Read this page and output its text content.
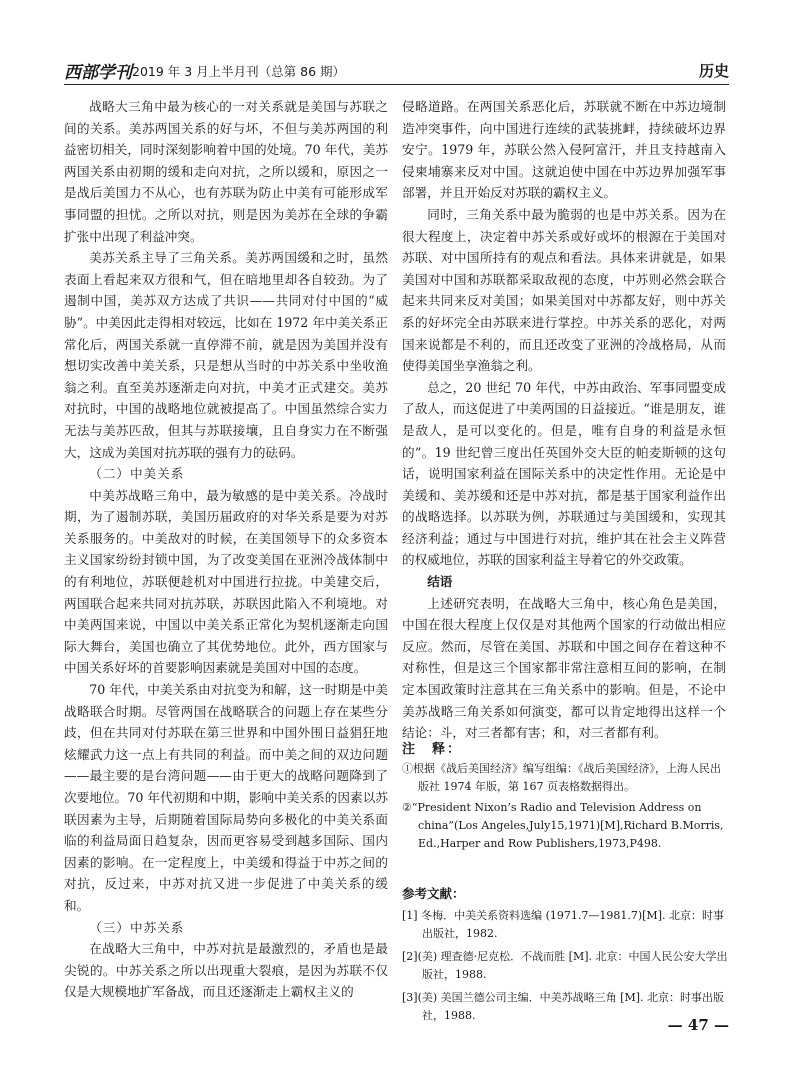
西部学刊 2019 年 3 月上半月刊（总第 86 期）	历史

战略大三角中最为核心的一对关系就是美国与苏联之间的关系。美苏两国关系的好与坏，不但与美苏两国的利益密切相关，同时深刻影响着中国的处境。70 年代，美苏两国关系由初期的缓和走向对抗，之所以缓和，原因之一是战后美国力不从心，也有苏联为防止中美有可能形成军事同盟的担忧。之所以对抗，则是因为美苏在全球的争霸扩张中出现了利益冲突。

美苏关系主导了三角关系。美苏两国缓和之时，虽然表面上看起来双方很和气，但在暗地里却各自较劲。为了遏制中国，美苏双方达成了共识——共同对付中国的“威胁”。中美因此走得相对较远，比如在 1972 年中美关系正常化后，两国关系就一直停滞不前，就是因为美国并没有想切实改善中美关系，只是想从当时的中苏关系中坐收渔翁之利。直至美苏逐渐走向对抗，中美才正式建交。美苏对抗时，中国的战略地位就被提高了。中国虽然综合实力无法与美苏匹敌，但其与苏联接壤，且自身实力在不断强大，这成为美国对抗苏联的强有力的砝码。

（二）中美关系

中美苏战略三角中，最为敏感的是中美关系。冷战时期，为了遏制苏联，美国历届政府的对华关系是要为对苏关系服务的。中美敌对的时候，在美国领导下的众多资本主义国家纷纷封锁中国，为了改变美国在亚洲冷战体制中的有利地位，苏联便趁机对中国进行拉拢。中美建交后，两国联合起来共同对抗苏联，苏联因此陷入不利境地。对中美两国来说，中国以中美关系正常化为契机逐渐走向国际大舞台，美国也确立了其优势地位。此外，西方国家与中国关系好坏的首要影响因素就是美国对中国的态度。

70 年代，中美关系由对抗变为和解，这一时期是中美战略联合时期。尽管两国在战略联合的问题上存在某些分歧，但在共同对付苏联在第三世界和中国外围日益猖狂地炫耀武力这一点上有共同的利益。而中美之间的双边问题——最主要的是台湾问题——由于更大的战略问题降到了次要地位。70 年代初期和中期，影响中美关系的因素以苏联因素为主导，后期随着国际局势向多极化的中美关系面临的利益局面日趋复杂，因而更容易受到越多国际、国内因素的影响。在一定程度上，中美缓和得益于中苏之间的对抗，反过来，中苏对抗又进一步促进了中美关系的缓和。

（三）中苏关系

在战略大三角中，中苏对抗是最激烈的，矛盾也是最尖锐的。中苏关系之所以出现重大裂痕，是因为苏联不仅仅是大规模地扩军备战，而且还逐渐走上霸权主义的

侵略道路。在两国关系恶化后，苏联就不断在中苏边境制造冲突事件，向中国进行连续的武装挑衅，持续破坏边界安宁。1979 年，苏联公然入侵阿富汗，并且支持越南入侵柬埔寨来反对中国。这就迫使中国在中苏边界加强军事部署，并且开始反对苏联的霸权主义。

同时，三角关系中最为脆弱的也是中苏关系。因为在很大程度上，决定着中苏关系或好或坏的根源在于美国对苏联、对中国所持有的观点和看法。具体来讲就是，如果美国对中国和苏联都采取敌视的态度，中苏则必然会联合起来共同来反对美国；如果美国对中苏都友好，则中苏关系的好坏完全由苏联来进行掌控。中苏关系的恶化，对两国来说都是不利的，而且还改变了亚洲的冷战格局，从而使得美国坐享渔翁之利。

总之，20 世纪 70 年代，中苏由政治、军事同盟变成了敌人，而这促进了中美两国的日益接近。“谁是朋友，谁是敌人，是可以变化的。但是，唯有自身的利益是永恒的”。19 世纪曾三度出任英国外交大臣的帕麦斯顿的这句话，说明国家利益在国际关系中的决定性作用。无论是中美缓和、美苏缓和还是中苏对抗，都是基于国家利益作出的战略选择。以苏联为例，苏联通过与美国缓和，实现其经济利益；通过与中国进行对抗，维护其在社会主义阵营的权威地位，苏联的国家利益主导着它的外交政策。

结语

上述研究表明，在战略大三角中，核心角色是美国，中国在很大程度上仅仅是对其他两个国家的行动做出相应反应。然而，尽管在美国、苏联和中国之间存在着这种不对称性，但是这三个国家都非常注意相互间的影响，在制定本国政策时注意其在三角关系中的影响。但是，不论中美苏战略三角关系如何演变，都可以肯定地得出这样一个结论：斗，对三者都有害；和，对三者都有利。

注　释：
①根据《战后美国经济》编写组编：《战后美国经济》，上海人民出版社 1974 年版，第 167 页表格数据得出。
②“President Nixon’s Radio and Television Address on china”(Los Angeles,July15,1971)[M],Richard B.Morris, Ed.,Harper and Row Publishers,1973,P498.
参考文献：
[1] 冬梅．中美关系资料选编 (1971.7—1981.7)[M]. 北京：时事出版社，1982.
[2](美) 理查德·尼克松．不战而胜 [M]. 北京：中国人民公安大学出版社，1988.
[3](美) 美国兰德公司主编．中美苏战略三角 [M]. 北京：时事出版社，1988.
— 47 —
